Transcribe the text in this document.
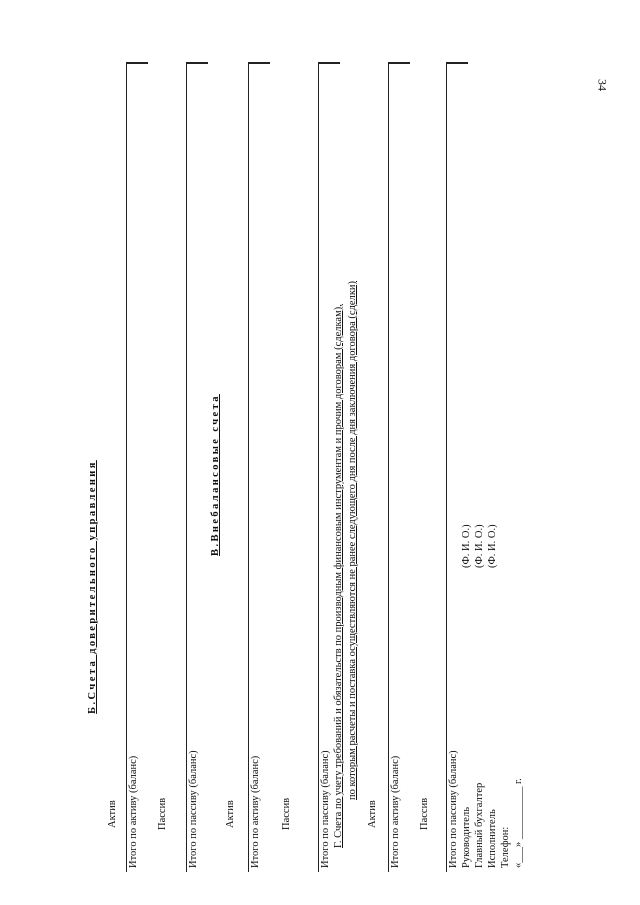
34
Б.Счета доверительного управления
Актив Итого по активу (баланс) Пассив Итого по пассиву (баланс)
В.Внебалансовые счета
Актив Итого по активу (баланс) Пассив	Итого по пассиву (баланс) Г. Счета по учету требований и обязательств по производным финансовым инструментам и прочим договорам (сделкам), по которым расчеты и поставка осуществляются не ранее следующего дня после дня заключения договора (сделки)
Актив Итого по активу (баланс) Пассив Итого по пассиву (баланс) Руководитель Главный бухгалтер Исполнитель Телефон: «___» __________ г.
(Ф. И. О.) (Ф. И. О.) (Ф. И. О.)
